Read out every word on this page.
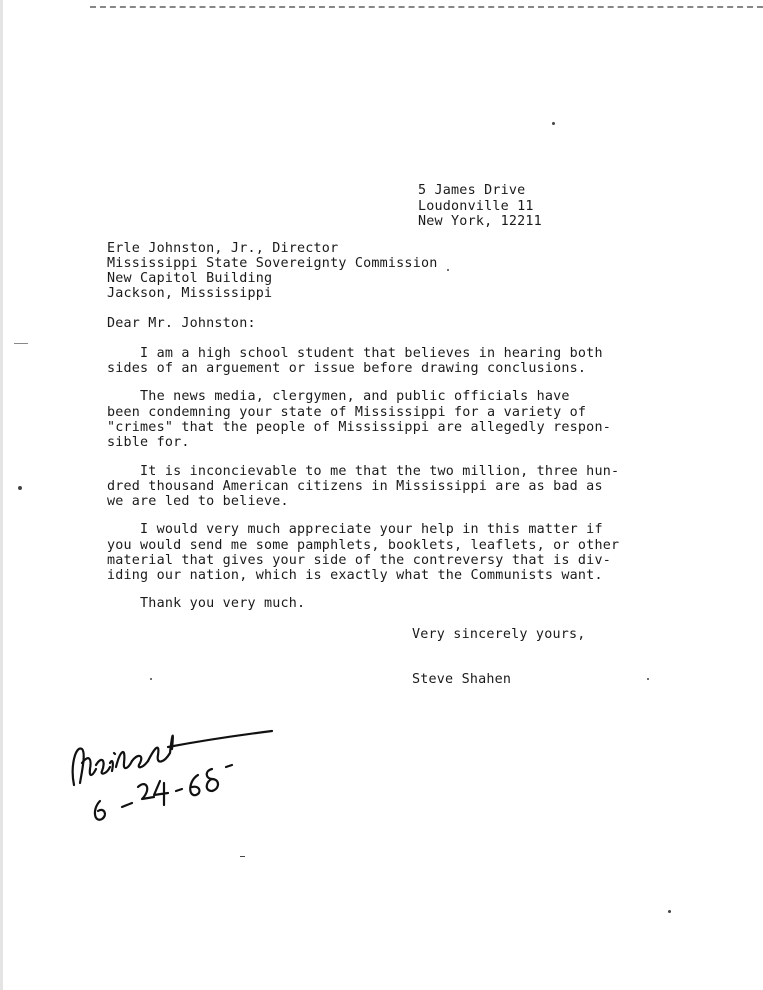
5 James Drive
Loudonville 11
New York, 12211
Erle Johnston, Jr., Director
Mississippi State Sovereignty Commission
New Capitol Building
Jackson, Mississippi
Dear Mr. Johnston:
I am a high school student that believes in hearing both
sides of an arguement or issue before drawing conclusions.
The news media, clergymen, and public officials have
been condemning your state of Mississippi for a variety of
"crimes" that the people of Mississippi are allegedly respon-
sible for.
It is inconcievable to me that the two million, three hun-
dred thousand American citizens in Mississippi are as bad as
we are led to believe.
I would very much appreciate your help in this matter if
you would send me some pamphlets, booklets, leaflets, or other
material that gives your side of the contreversy that is div-
iding our nation, which is exactly what the Communists want.
Thank you very much.
Very sincerely yours,
Steve Shahen
